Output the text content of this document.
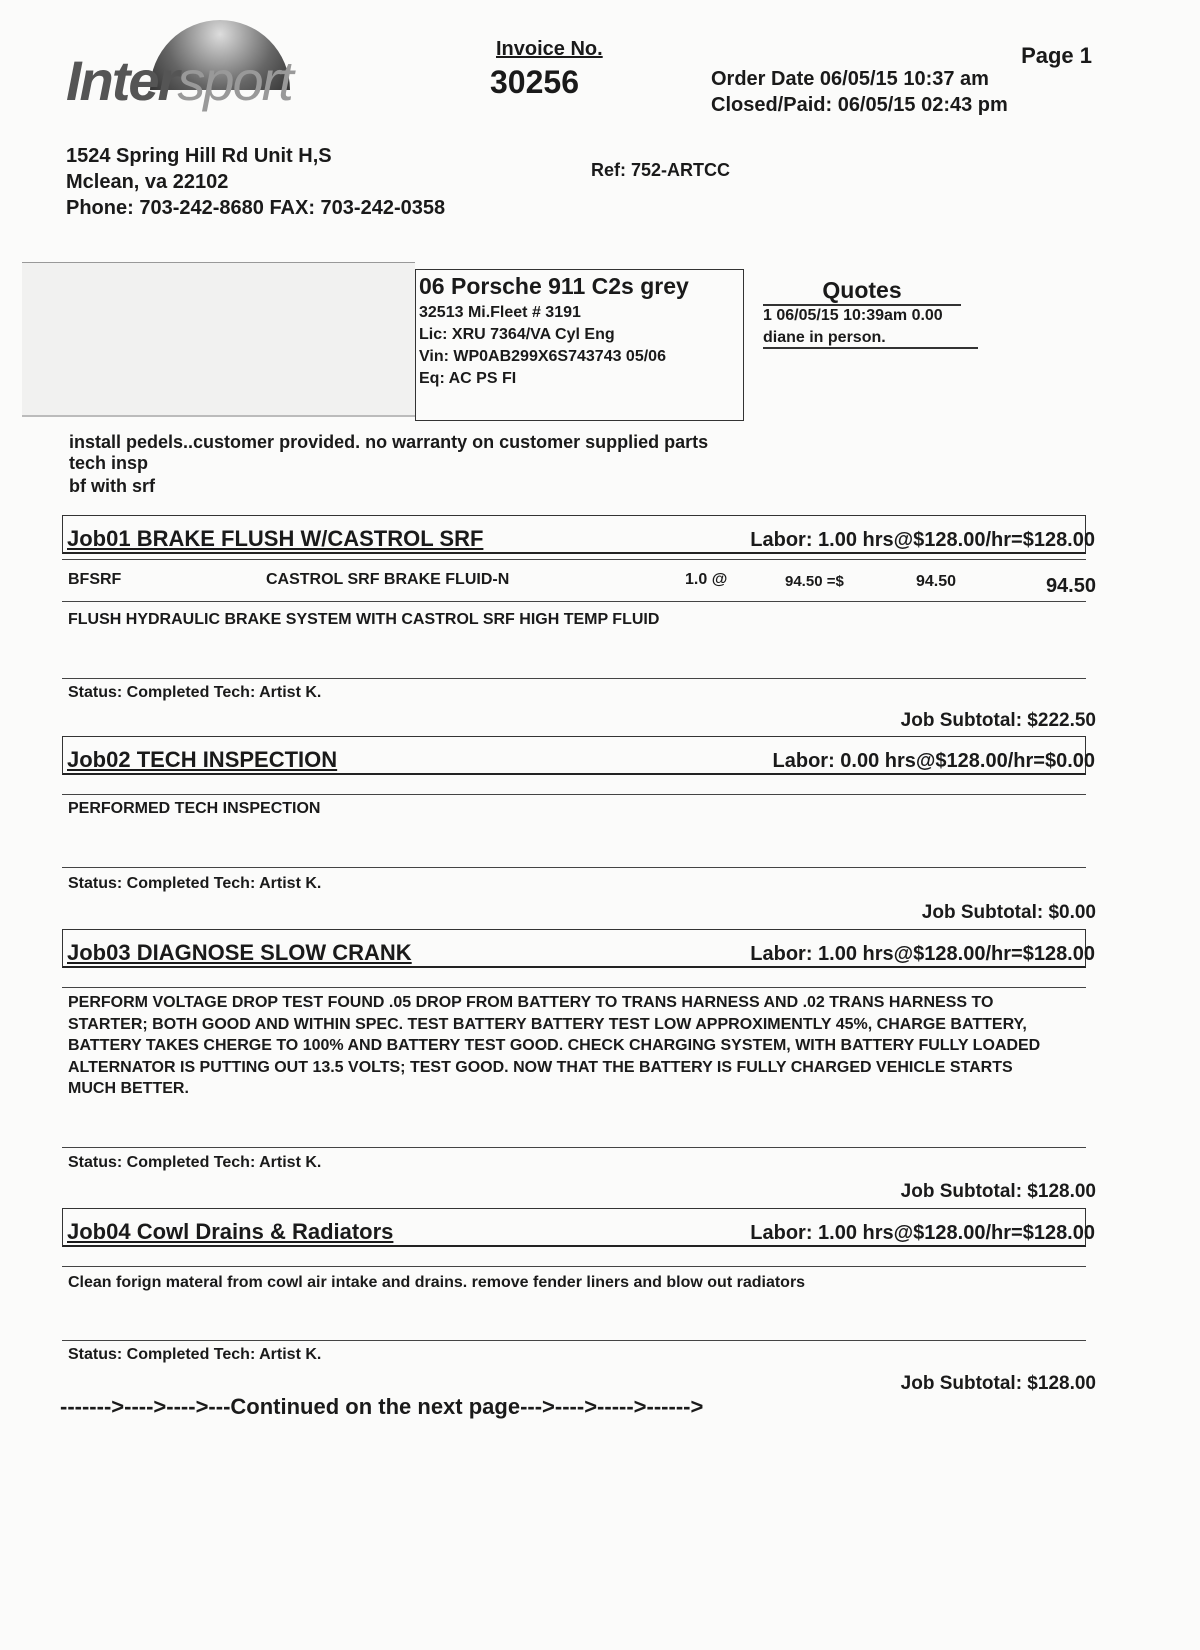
Intersport	Invoice No.
30256
Page 1
Order Date 06/05/15 10:37 am
Closed/Paid: 06/05/15 02:43 pm
1524 Spring Hill Rd Unit H,S
Mclean, va 22102
Phone: 703-242-8680 FAX: 703-242-0358
Ref: 752-ARTCC
06 Porsche 911 C2s grey
32513 Mi.Fleet # 3191
Lic: XRU 7364/VA Cyl Eng
Vin: WP0AB299X6S743743 05/06
Eq: AC PS FI
Quotes
1 06/05/15 10:39am 0.00
diane in person.
install pedels..customer provided. no warranty on customer supplied parts
tech insp
bf with srf
Job01 BRAKE FLUSH W/CASTROL SRF	Labor: 1.00 hrs@$128.00/hr=$128.00
BFSRF	CASTROL SRF BRAKE FLUID-N	1.0 @	94.50 =$	94.50	94.50
FLUSH HYDRAULIC BRAKE SYSTEM WITH CASTROL SRF HIGH TEMP FLUID
Status: Completed Tech: Artist K.
Job Subtotal: $222.50
Job02 TECH INSPECTION	Labor: 0.00 hrs@$128.00/hr=$0.00
PERFORMED TECH INSPECTION
Status: Completed Tech: Artist K.
Job Subtotal: $0.00
Job03 DIAGNOSE SLOW CRANK	Labor: 1.00 hrs@$128.00/hr=$128.00
PERFORM VOLTAGE DROP TEST FOUND .05 DROP FROM BATTERY TO TRANS HARNESS AND .02 TRANS HARNESS TO STARTER; BOTH GOOD AND WITHIN SPEC. TEST BATTERY BATTERY TEST LOW APPROXIMENTLY 45%, CHARGE BATTERY, BATTERY TAKES CHERGE TO 100% AND BATTERY TEST GOOD. CHECK CHARGING SYSTEM, WITH BATTERY FULLY LOADED ALTERNATOR IS PUTTING OUT 13.5 VOLTS; TEST GOOD. NOW THAT THE BATTERY IS FULLY CHARGED VEHICLE STARTS MUCH BETTER.
Status: Completed Tech: Artist K.
Job Subtotal: $128.00
Job04 Cowl Drains & Radiators	Labor: 1.00 hrs@$128.00/hr=$128.00
Clean forign materal from cowl air intake and drains. remove fender liners and blow out radiators
Status: Completed Tech: Artist K.
Job Subtotal: $128.00
------->---->---->---Continued on the next page--->---->----->------>
